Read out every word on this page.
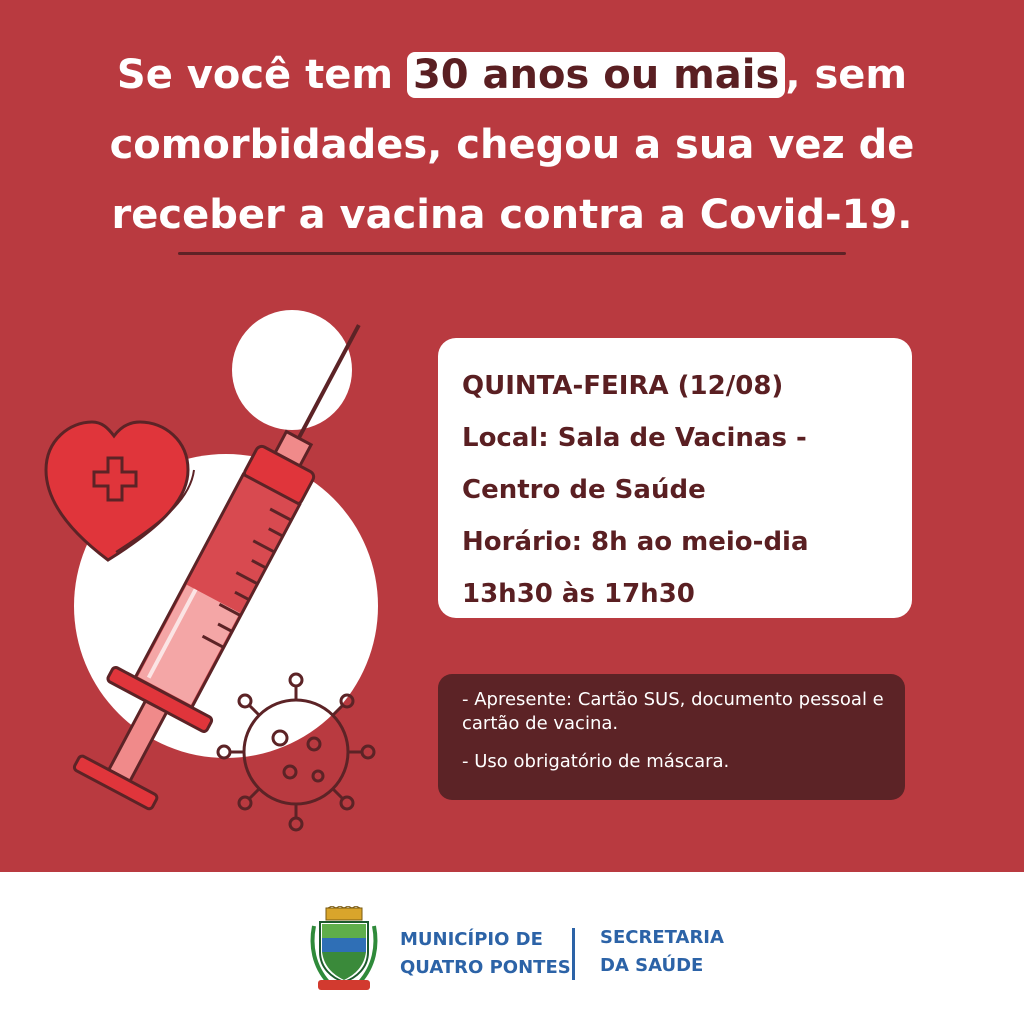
Se você tem 30 anos ou mais , sem comorbidades, chegou a sua vez de receber a vacina contra a Covid-19.
QUINTA-FEIRA (12/08)
Local: Sala de Vacinas -
Centro de Saúde
Horário: 8h ao meio-dia
13h30 às 17h30
- Apresente: Cartão SUS, documento pessoal e cartão de vacina.
- Uso obrigatório de máscara.
MUNICÍPIO DE
QUATRO PONTES
SECRETARIA
DA SAÚDE
